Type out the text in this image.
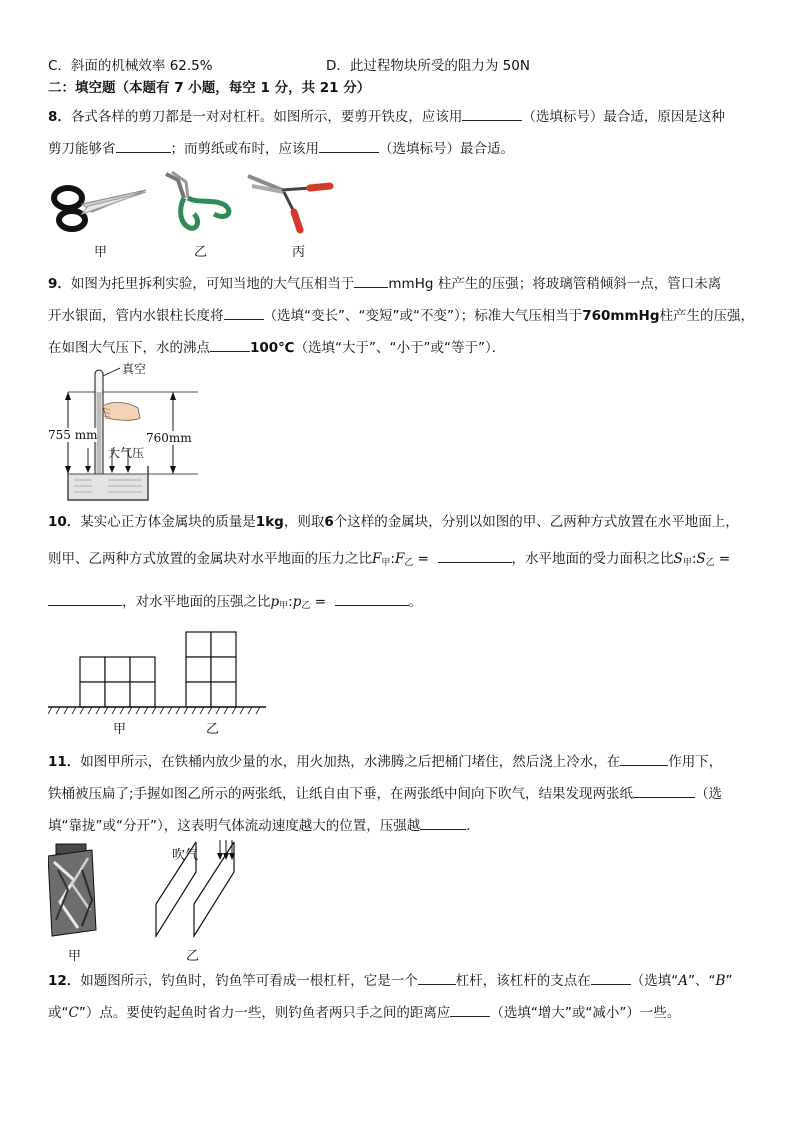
C．斜面的机械效率 62.5%	D．此过程物块所受的阻力为 50N
二：填空题（本题有 7 小题，每空 1 分，共 21 分）
8．各式各样的剪刀都是一对对杠杆。如图所示，要剪开铁皮，应该用	（选填标号）最合适，原因是这种
剪刀能够省	；而剪纸或布时，应该用	（选填标号）最合适。
甲	乙	丙
9．如图为托里拆利实验，可知当地的大气压相当于	mmHg 柱产生的压强；将玻璃管稍倾斜一点，管口未离
开水银面，管内水银柱长度将	（选填“变长”、“变短”或“不变”）；标准大气压相当于760mmHg柱产生的压强，
在如图大气压下，水的沸点	100℃（选填“大于”、“小于”或“等于”）．
真空
755 mm	760mm
大气压
10．某实心正方体金属块的质量是1kg，则取6个这样的金属块，分别以如图的甲、乙两种方式放置在水平地面上，
则甲、乙两种方式放置的金属块对水平地面的压力之比$F_甲:F_乙$ =	，水平地面的受力面积之比$S_甲:S_乙$ =
，对水平地面的压强之比$p_甲:p_乙$ =	。
甲	乙
11．如图甲所示，在铁桶内放少量的水，用火加热，水沸腾之后把桶门堵住，然后浇上冷水，在	作用下，
铁桶被压扁了;手握如图乙所示的两张纸，让纸自由下垂，在两张纸中间向下吹气，结果发现两张纸	（选
填“靠拢”或“分开”），这表明气体流动速度越大的位置，压强越	．
吹气
甲	乙
12．如题图所示，钓鱼时，钓鱼竿可看成一根杠杆，它是一个	杠杆，该杠杆的支点在	（选填“A”、“B”
或“C”）点。要使钓起鱼时省力一些，则钓鱼者两只手之间的距离应	（选填“增大”或“减小”）一些。
